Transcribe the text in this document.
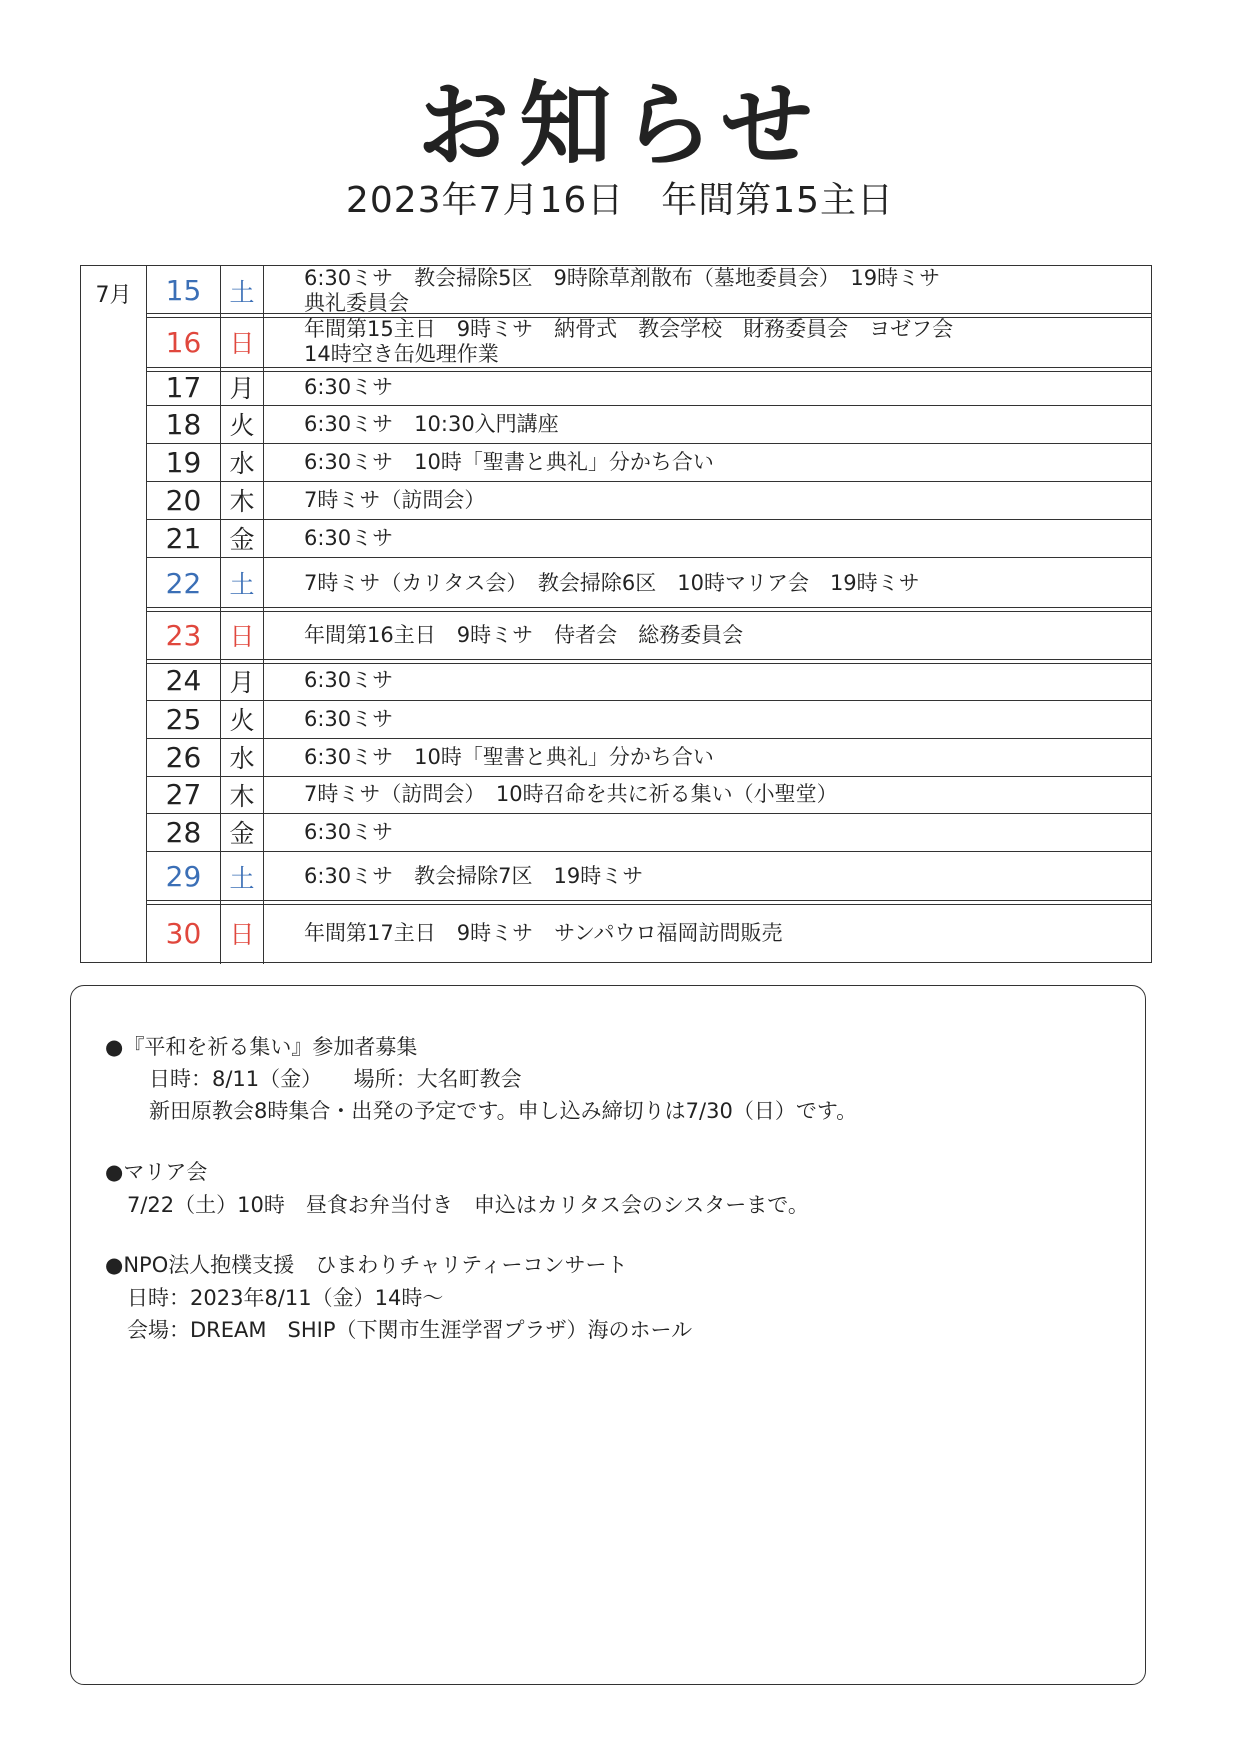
お知らせ
2023年7月16日　年間第15主日
7月	15	土	6:30ミサ　教会掃除5区　9時除草剤散布（墓地委員会）　19時ミサ
典礼委員会
16	日	年間第15主日　9時ミサ　納骨式　教会学校　財務委員会　ヨゼフ会
14時空き缶処理作業
17	月	6:30ミサ
18	火	6:30ミサ　10:30入門講座
19	水	6:30ミサ　10時「聖書と典礼」分かち合い
20	木	7時ミサ（訪問会）
21	金	6:30ミサ
22	土	7時ミサ（カリタス会）　教会掃除6区　10時マリア会　19時ミサ
23	日	年間第16主日　9時ミサ　侍者会　総務委員会
24	月	6:30ミサ
25	火	6:30ミサ
26	水	6:30ミサ　10時「聖書と典礼」分かち合い
27	木	7時ミサ（訪問会）　10時召命を共に祈る集い（小聖堂）
28	金	6:30ミサ
29	土	6:30ミサ　教会掃除7区　19時ミサ
30	日	年間第17主日　9時ミサ　サンパウロ福岡訪問販売
●『平和を祈る集い』参加者募集
日時：8/11（金）　　場所：大名町教会
新田原教会8時集合・出発の予定です。申し込み締切りは7/30（日）です。
●マリア会
7/22（土）10時　昼食お弁当付き　申込はカリタス会のシスターまで。
●NPO法人抱樸支援　ひまわりチャリティーコンサート
日時：2023年8/11（金）14時～
会場：DREAM　SHIP（下関市生涯学習プラザ）海のホール
